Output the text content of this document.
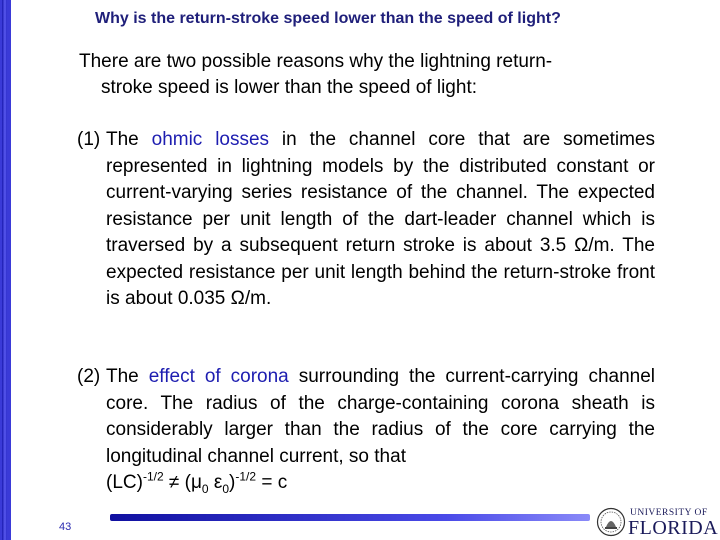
Why is the return-stroke speed lower than the speed of light?
There are two possible reasons why the lightning return-
stroke speed is lower than the speed of light:
(1) The ohmic losses in the channel core that are sometimes represented in lightning models by the distributed constant or current-varying series resistance of the channel. The expected resistance per unit length of the dart-leader channel which is traversed by a subsequent return stroke is about 3.5 Ω/m. The expected resistance per unit length behind the return-stroke front is about 0.035 Ω/m.
(2) The effect of corona surrounding the current-carrying channel core. The radius of the charge-containing corona sheath is considerably larger than the radius of the core carrying the longitudinal channel current, so that
$(LC)^{-1/2} \ne (\mu_0$ $\varepsilon_0)^{-1/2} = c$
43
UNIVERSITY OF
FLORIDA
